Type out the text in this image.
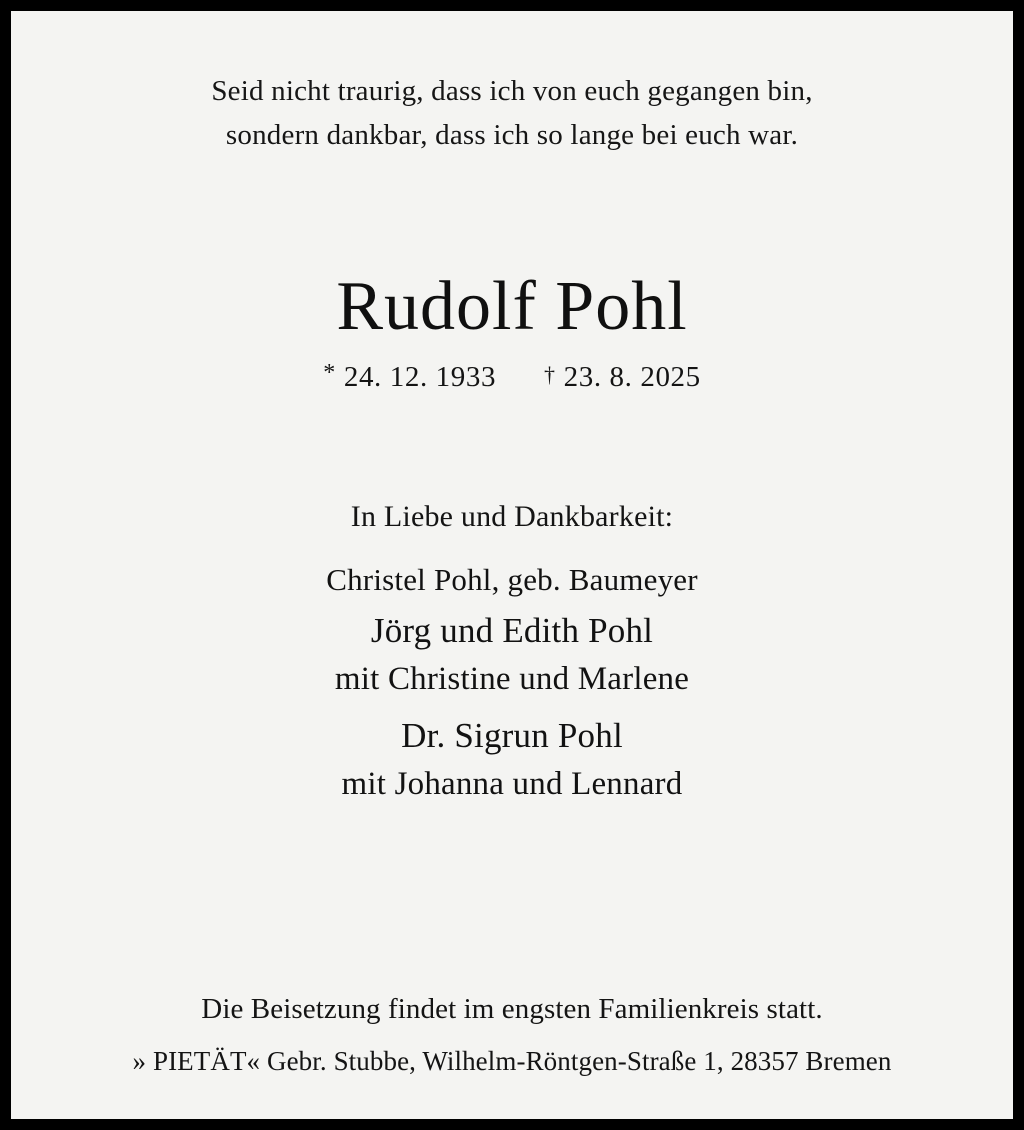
Seid nicht traurig, dass ich von euch gegangen bin,
sondern dankbar, dass ich so lange bei euch war.
Rudolf Pohl
* 24. 12. 1933 † 23. 8. 2025
In Liebe und Dankbarkeit:
Christel Pohl, geb. Baumeyer
Jörg und Edith Pohl
mit Christine und Marlene
Dr. Sigrun Pohl
mit Johanna und Lennard
Die Beisetzung findet im engsten Familienkreis statt.
» PIETÄT« Gebr. Stubbe, Wilhelm-Röntgen-Straße 1, 28357 Bremen
